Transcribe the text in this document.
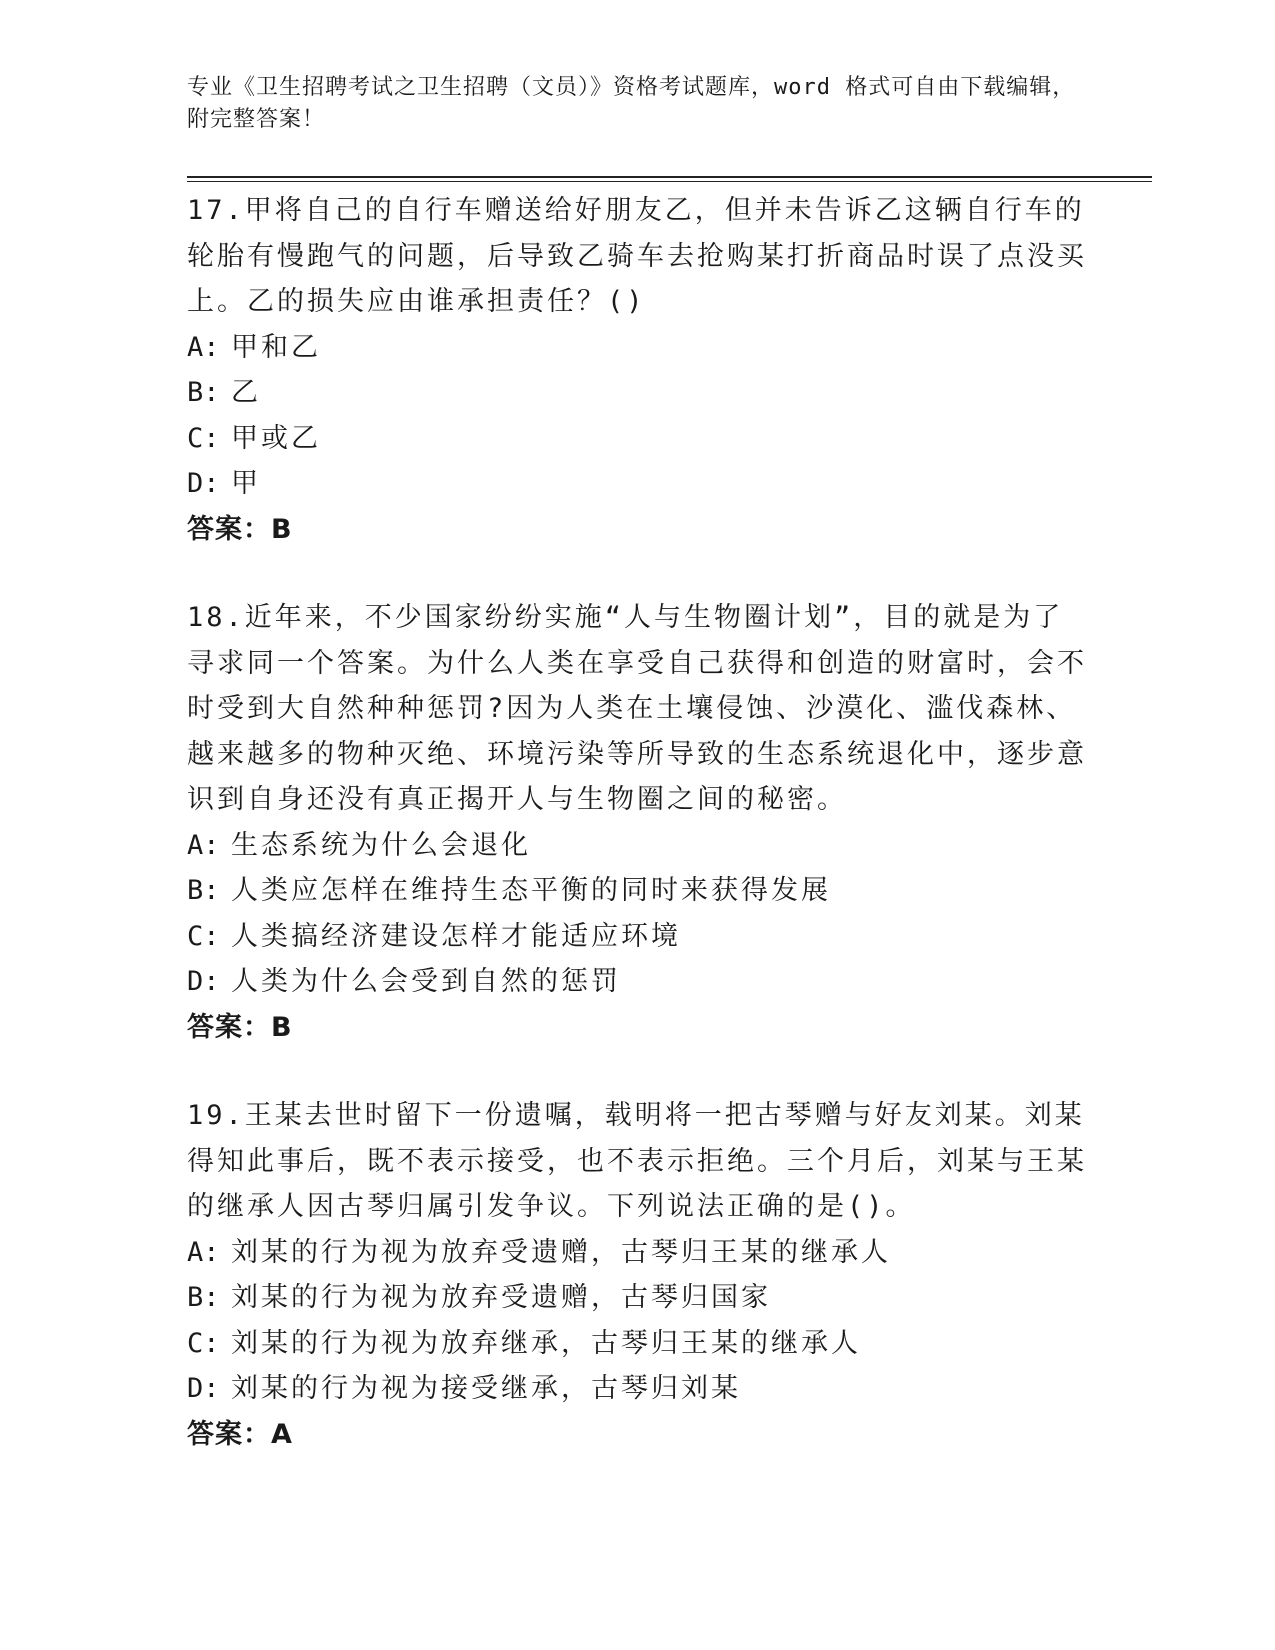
专业《卫生招聘考试之卫生招聘（文员）》资格考试题库，word 格式可自由下载编辑，附完整答案！

17.甲将自己的自行车赠送给好朋友乙，但并未告诉乙这辆自行车的轮胎有慢跑气的问题，后导致乙骑车去抢购某打折商品时误了点没买上。乙的损失应由谁承担责任？()

A: 甲和乙

B: 乙

C: 甲或乙

D: 甲

答案：B

18.近年来，不少国家纷纷实施“人与生物圈计划”，目的就是为了寻求同一个答案。为什么人类在享受自己获得和创造的财富时，会不时受到大自然种种惩罚?因为人类在土壤侵蚀、沙漠化、滥伐森林、越来越多的物种灭绝、环境污染等所导致的生态系统退化中，逐步意识到自身还没有真正揭开人与生物圈之间的秘密。

A: 生态系统为什么会退化

B: 人类应怎样在维持生态平衡的同时来获得发展

C: 人类搞经济建设怎样才能适应环境

D: 人类为什么会受到自然的惩罚

答案：B

19.王某去世时留下一份遗嘱，载明将一把古琴赠与好友刘某。刘某得知此事后，既不表示接受，也不表示拒绝。三个月后，刘某与王某的继承人因古琴归属引发争议。下列说法正确的是()。

A: 刘某的行为视为放弃受遗赠，古琴归王某的继承人

B: 刘某的行为视为放弃受遗赠，古琴归国家

C: 刘某的行为视为放弃继承，古琴归王某的继承人

D: 刘某的行为视为接受继承，古琴归刘某

答案：A
